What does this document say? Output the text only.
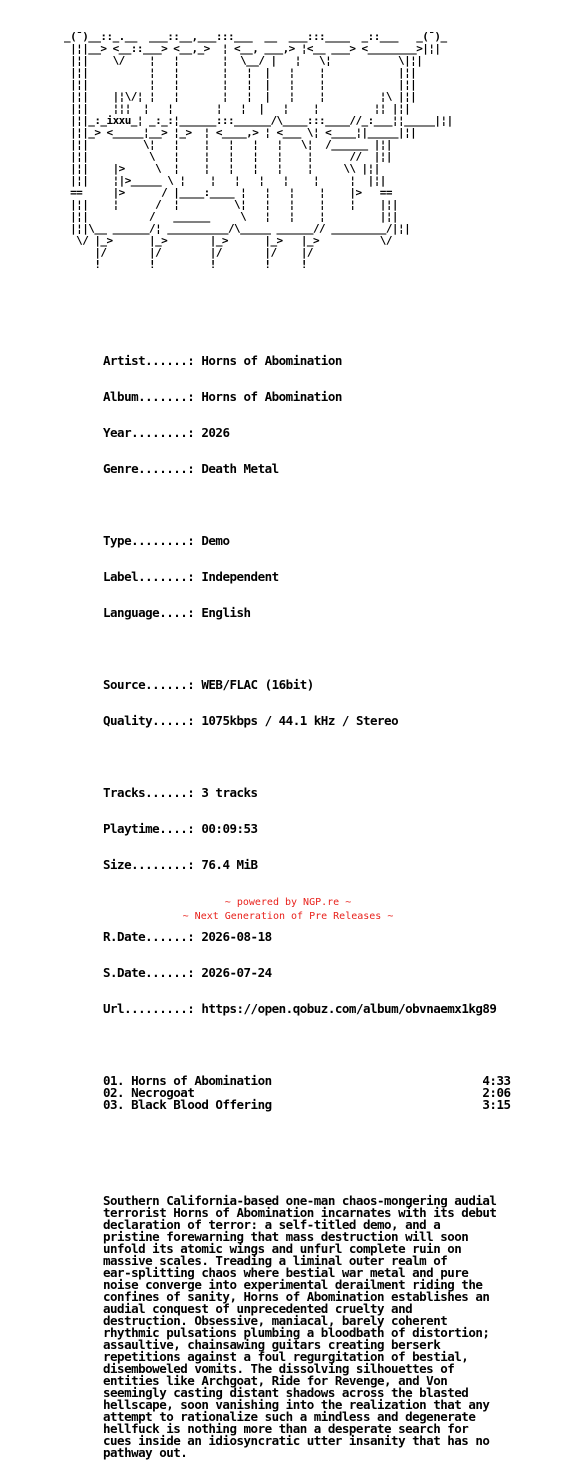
_(¯)__::_.__  ___::__,___:::___  __  ___:::____  _::___   _(¯)_
|¦|__> <__::___> <__,_>  ¦ <__, ___,> ¦<__ ___> <________>|¦|
|¦|    \/    ¦   ¦       ¦  \__/ |   ¦   \¦           \|¦|
|¦|          ¦   ¦       ¦   ¦  |   ¦    ¦            |¦|
|¦|          ¦   ¦       ¦   ¦  |   ¦    ¦            |¦|
|¦|    |¦\/¦ ¦   ¦       ¦   ¦  |   ¦    ¦         ¦\ |¦|
|¦|    ¦¦¦  ¦   ¦       ¦   ¦  |   ¦    ¦         ¦¦ |¦|
|¦|_:_ixxu_¦ _:_:¦______:::______/\____:::____//_:___¦¦_____|¦|
|¦|_> <_____¦__> ¦_>  ¦ <____,> ¦ <___ \¦ <____¦|_____|¦|
|¦|         \¦   ¦    ¦   ¦   ¦   ¦   \¦  /______ |¦|
|¦|          \   ¦    ¦   ¦   ¦   ¦    ¦      //  |¦|
|¦|    |>     \  ¦    ¦   ¦   ¦   ¦    ¦     \\ |¦|
|¦|    ¦|>_____ \ ¦    ¦   ¦   ¦   ¦    ¦     ¦  |¦|
==     |>      / |____:____ ¦   ¦   ¦    ¦    |>   ==
|¦|    ¦      /  ¦         \¦   ¦   ¦    ¦    ¦    |¦|
|¦|          /   ______     \   ¦   ¦    ¦         |¦|
|¦|\__ ______/¦ __________/\_____ ______// _________/|¦|
\/ |_>      |_>       |_>      |_>   |_>          \/
|/       |/        |/       |/    |/
!        !         !        !     !

Artist......: Horns of Abomination

Album.......: Horns of Abomination

Year........: 2026

Genre.......: Death Metal

Type........: Demo

Label.......: Independent

Language....: English

Source......: WEB/FLAC (16bit)

Quality.....: 1075kbps / 44.1 kHz / Stereo

Tracks......: 3 tracks

Playtime....: 00:09:53

Size........: 76.4 MiB

R.Date......: 2026-08-18

S.Date......: 2026-07-24

Url.........: https://open.qobuz.com/album/obvnaemx1kg89

01. Horns of Abomination	4:33
02. Necrogoat	2:06
03. Black Blood Offering	3:15

Southern California-based one-man chaos-mongering audial
terrorist Horns of Abomination incarnates with its debut
declaration of terror: a self-titled demo, and a
pristine forewarning that mass destruction will soon
unfold its atomic wings and unfurl complete ruin on
massive scales. Treading a liminal outer realm of
ear-splitting chaos where bestial war metal and pure
noise converge into experimental derailment riding the
confines of sanity, Horns of Abomination establishes an
audial conquest of unprecedented cruelty and
destruction. Obsessive, maniacal, barely coherent
rhythmic pulsations plumbing a bloodbath of distortion;
assaultive, chainsawing guitars creating berserk
repetitions against a foul regurgitation of bestial,
disemboweled vomits. The dissolving silhouettes of
entities like Archgoat, Ride for Revenge, and Von
seemingly casting distant shadows across the blasted
hellscape, soon vanishing into the realization that any
attempt to rationalize such a mindless and degenerate
hellfuck is nothing more than a desperate search for
cues inside an idiosyncratic utter insanity that has no
pathway out.

~ powered by NGP.re ~
~ Next Generation of Pre Releases ~
